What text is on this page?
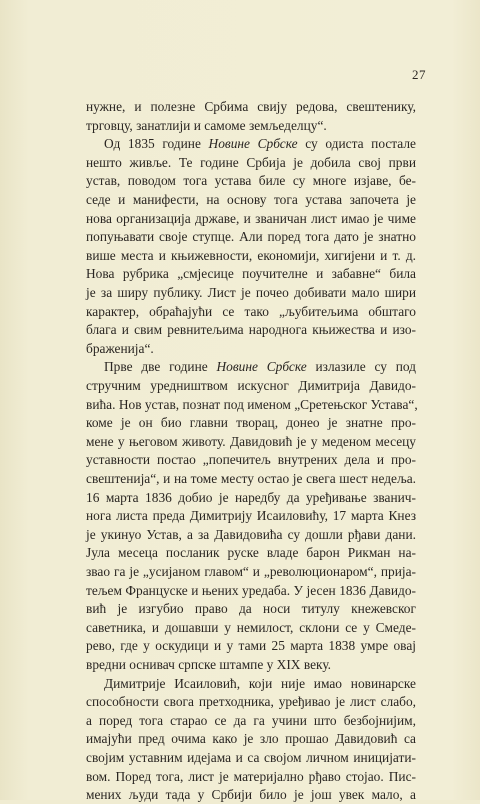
27
нужне, и полезне Србима свију редова, свештенику,
трговцу, занатлији и самоме земљеделцу“.
Од 1835 године Новине Србске су одиста постале
нешто живље. Те године Србија је добила свој први
устав, поводом тога устава биле су многе изјаве, бе-
седе и манифести, на основу тога устава започета је
нова организација државе, и званичан лист имао је чиме
попуњавати своје ступце. Али поред тога дато је знатно
више места и књижевности, економији, хигијени и т. д.
Нова рубрика „смјесице поучителне и забавне“ била
је за ширу публику. Лист је почео добивати мало шири
карактер, обраћајући се тако „љубитељима обштаго
блага и свим ревнитељима народнога књижества и изо-
браженија“.
Прве две године Новине Србске излазиле су под
стручним уредништвом искусног Димитрија Давидо-
вића. Нов устав, познат под именом „Сретењског Устава“,
коме је он био главни творац, донео је знатне про-
мене у његовом животу. Давидовић је у меденом месецу
уставности постао „попечитељ внутрених дела и про-
свештенија“, и на томе месту остао је свега шест недеља.
16 марта 1836 добио је наредбу да уређивање званич-
нога листа преда Димитрију Исаиловићу, 17 марта Кнез
је укинуо Устав, а за Давидовића су дошли рђави дани.
Јула месеца посланик руске владе барон Рикман на-
звао га је „усијаном главом“ и „революционаром“, прија-
тељем Француске и њених уредаба. У јесен 1836 Давидо-
вић је изгубио право да носи титулу кнежевског
саветника, и дошавши у немилост, склони се у Смеде-
рево, где у оскудици и у тами 25 марта 1838 умре овај
вредни оснивач српске штампе у XIX веку.
Димитрије Исаиловић, који није имао новинарске
способности свога претходника, уређивао је лист слабо,
а поред тога старао се да га учини што безбојнијим,
имајући пред очима како је зло прошао Давидовић са
својим уставним идејама и са својом личном иницијати-
вом. Поред тога, лист је материјално рђаво стојао. Пис-
мених људи тада у Србији било је још увек мало, а
